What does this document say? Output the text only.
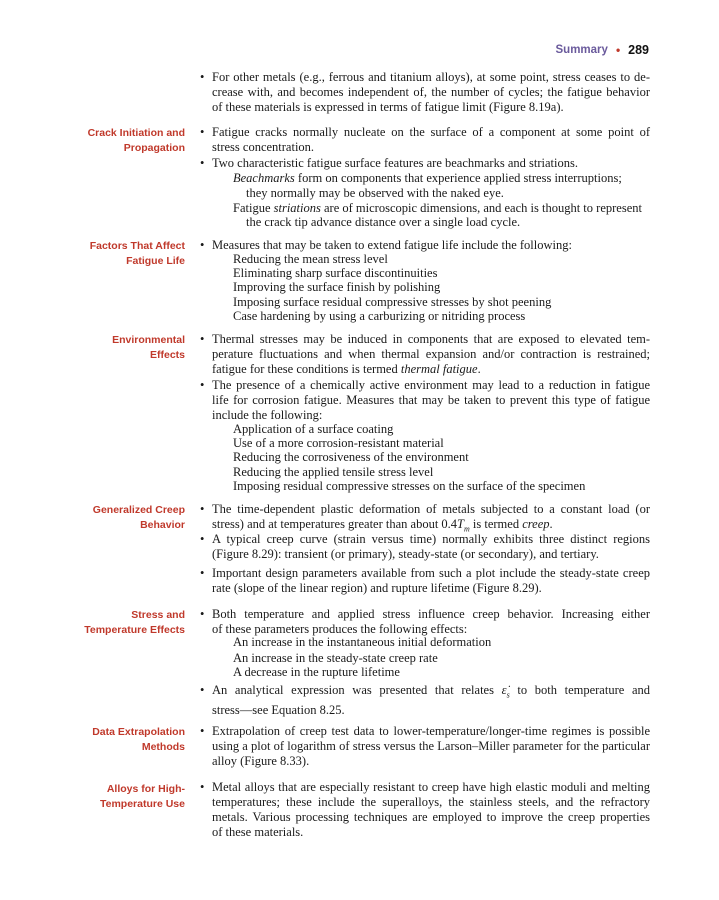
Summary • 289
• For other metals (e.g., ferrous and titanium alloys), at some point, stress ceases to de-
crease with, and becomes independent of, the number of cycles; the fatigue behavior
of these materials is expressed in terms of fatigue limit (Figure 8.19a).
Crack Initiation and
Propagation
• Fatigue cracks normally nucleate on the surface of a component at some point of
stress concentration.
• Two characteristic fatigue surface features are beachmarks and striations.
Beachmarks form on components that experience applied stress interruptions;
they normally may be observed with the naked eye.
Fatigue striations are of microscopic dimensions, and each is thought to represent
the crack tip advance distance over a single load cycle.
Factors That Affect
Fatigue Life
• Measures that may be taken to extend fatigue life include the following:
Reducing the mean stress level
Eliminating sharp surface discontinuities
Improving the surface finish by polishing
Imposing surface residual compressive stresses by shot peening
Case hardening by using a carburizing or nitriding process
Environmental
Effects
• Thermal stresses may be induced in components that are exposed to elevated tem-
perature fluctuations and when thermal expansion and/or contraction is restrained;
fatigue for these conditions is termed thermal fatigue.
• The presence of a chemically active environment may lead to a reduction in fatigue
life for corrosion fatigue. Measures that may be taken to prevent this type of fatigue
include the following:
Application of a surface coating
Use of a more corrosion-resistant material
Reducing the corrosiveness of the environment
Reducing the applied tensile stress level
Imposing residual compressive stresses on the surface of the specimen
Generalized Creep
Behavior
• The time-dependent plastic deformation of metals subjected to a constant load (or
stress) and at temperatures greater than about $0.4T_m$ is termed creep.
• A typical creep curve (strain versus time) normally exhibits three distinct regions
(Figure 8.29): transient (or primary), steady-state (or secondary), and tertiary.
• Important design parameters available from such a plot include the steady-state creep
rate (slope of the linear region) and rupture lifetime (Figure 8.29).
Stress and
Temperature Effects
• Both temperature and applied stress influence creep behavior. Increasing either
of these parameters produces the following effects:
An increase in the instantaneous initial deformation
An increase in the steady-state creep rate
A decrease in the rupture lifetime
• An analytical expression was presented that relates $\varepsiloṅ_s$ to both temperature and
stress—see Equation 8.25.
Data Extrapolation
Methods
• Extrapolation of creep test data to lower-temperature/longer-time regimes is possible
using a plot of logarithm of stress versus the Larson–Miller parameter for the particular
alloy (Figure 8.33).
Alloys for High-
Temperature Use
• Metal alloys that are especially resistant to creep have high elastic moduli and melting
temperatures; these include the superalloys, the stainless steels, and the refractory
metals. Various processing techniques are employed to improve the creep properties
of these materials.
